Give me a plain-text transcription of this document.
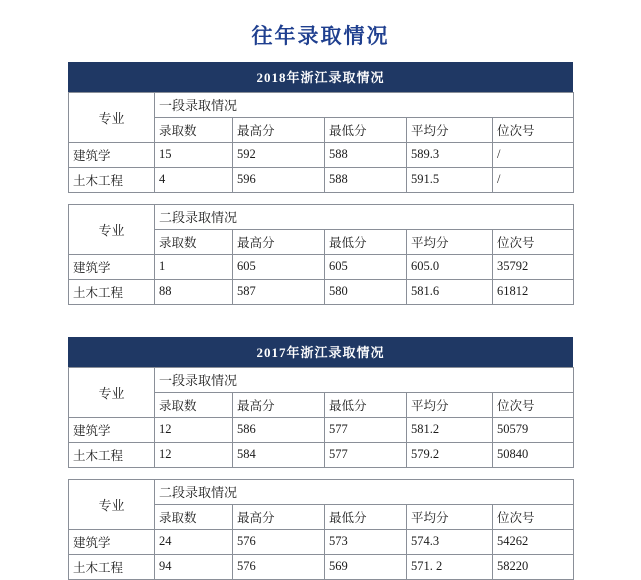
往年录取情况
2018年浙江录取情况
专业	一段录取情况				
	录取数	最高分	最低分	平均分	位次号
建筑学	15	592	588	589.3	/
土木工程	4	596	588	591.5	/
专业	二段录取情况				
	录取数	最高分	最低分	平均分	位次号
建筑学	1	605	605	605.0	35792
土木工程	88	587	580	581.6	61812
2017年浙江录取情况
专业	一段录取情况				
	录取数	最高分	最低分	平均分	位次号
建筑学	12	586	577	581.2	50579
土木工程	12	584	577	579.2	50840
专业	二段录取情况				
	录取数	最高分	最低分	平均分	位次号
建筑学	24	576	573	574.3	54262
土木工程	94	576	569	571. 2	58220
